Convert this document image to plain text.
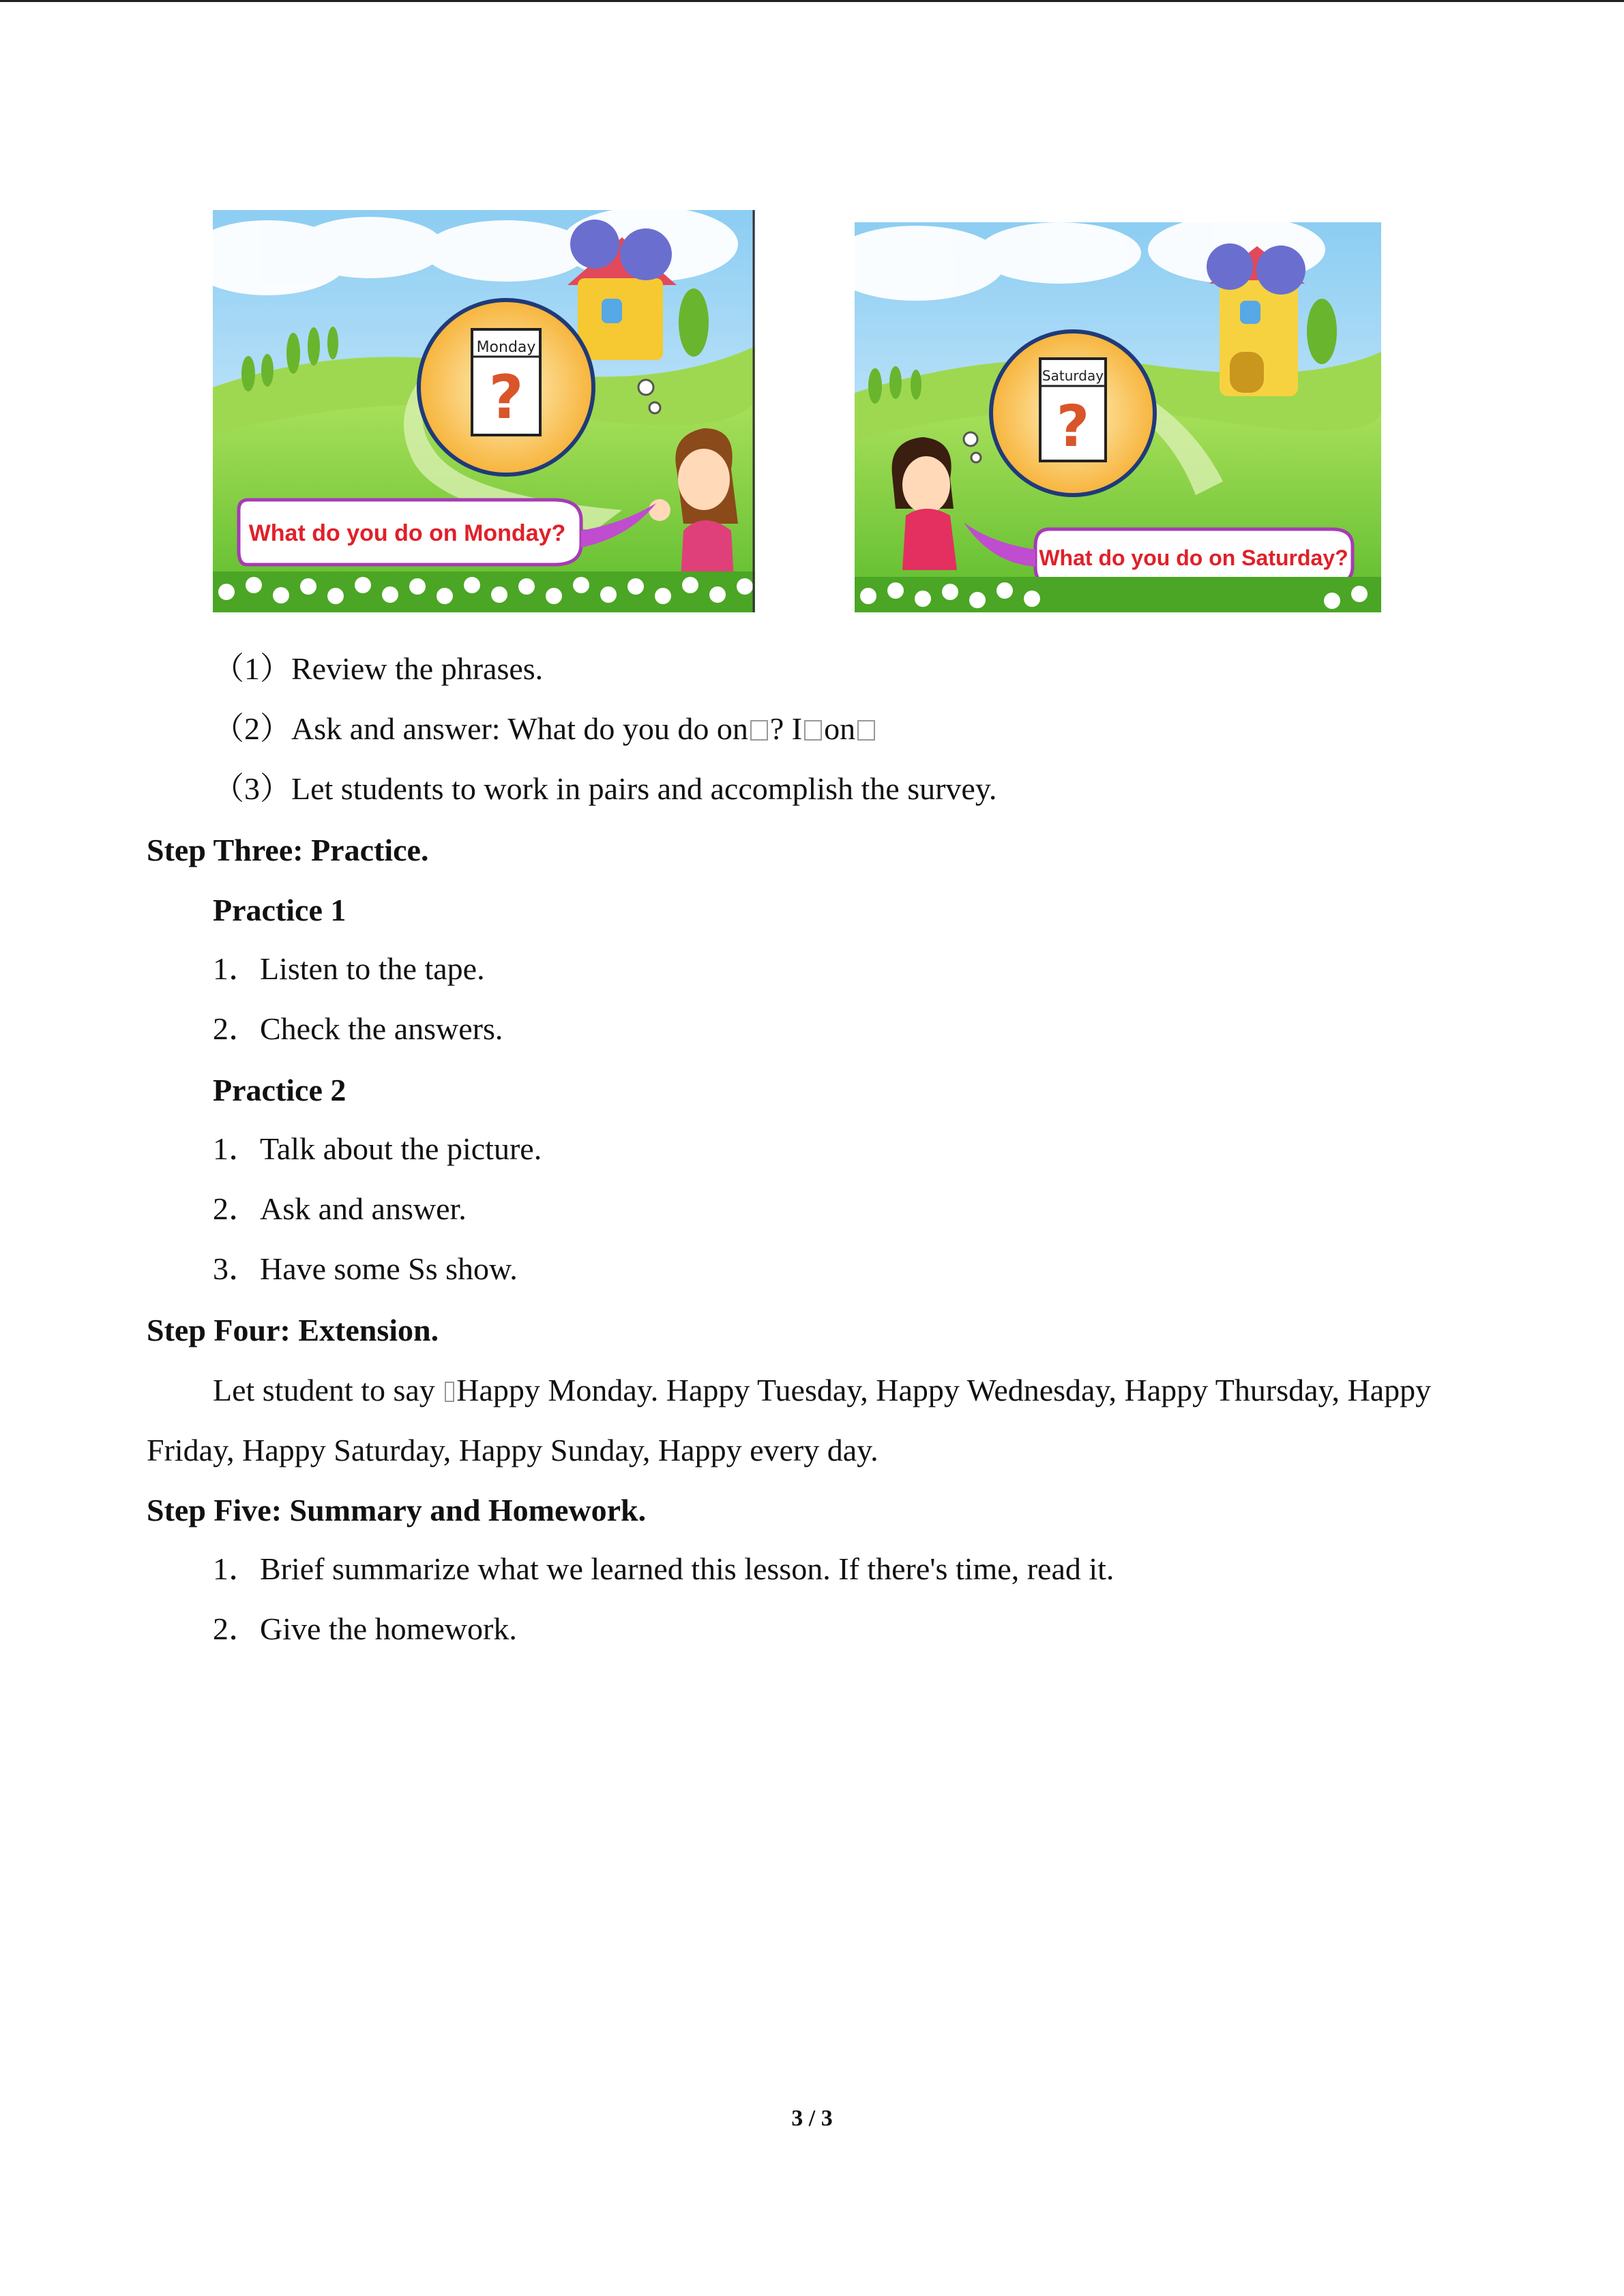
Monday
?
What do you do on Monday?
Saturday
?
What do you do on Saturday?
（1）Review the phrases.
（2）Ask and answer: What do you do on ? I on
（3）Let students to work in pairs and accomplish the survey.
Step Three: Practice.
Practice 1
1．Listen to the tape.
2．Check the answers.
Practice 2
1．Talk about the picture.
2．Ask and answer.
3．Have some Ss show.
Step Four: Extension.
Let student to say Happy Monday. Happy Tuesday, Happy Wednesday, Happy Thursday, Happy
Friday, Happy Saturday, Happy Sunday, Happy every day.
Step Five: Summary and Homework.
1．Brief summarize what we learned this lesson. If there's time, read it.
2．Give the homework.
3 / 3
